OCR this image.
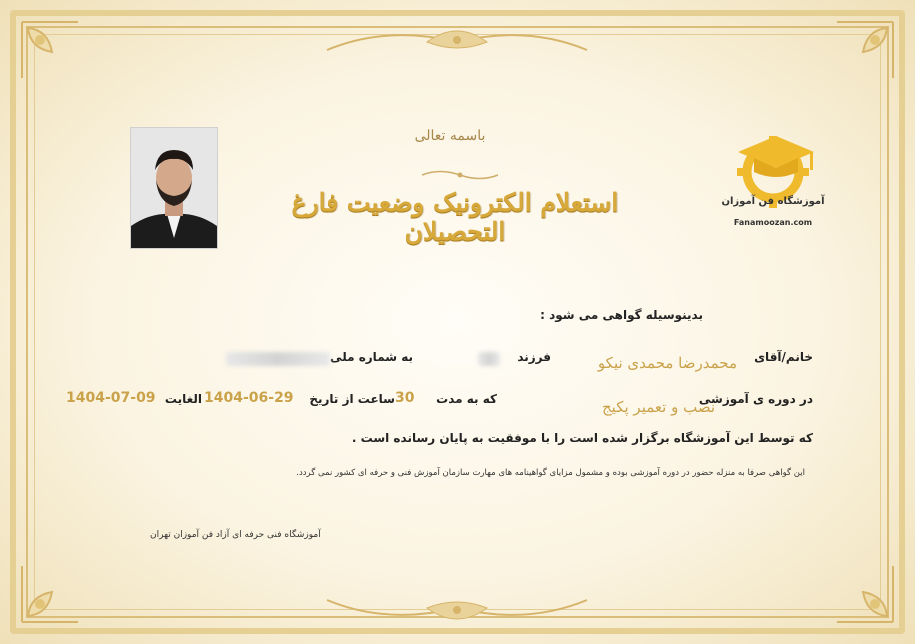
باسمه تعالی
استعلام الکترونیک وضعیت فارغ التحصیلان
آموزشگاه فن آموزان
Fanamoozan.com
بدینوسیله گواهی می شود :
خانم/آقای
محمدرضا محمدی نیکو
فرزند
به شماره ملی
در دوره ی آموزشی
نصب و تعمیر پکیج
که به مدت
30
ساعت از تاریخ
1404-06-29
الغایت
1404-07-09
که توسط این آموزشگاه برگزار شده است را با موفقیت به پایان رسانده است .
این گواهی صرفا به منزله حضور در دوره آموزشی بوده و مشمول مزایای گواهینامه های مهارت سازمان آموزش فنی و حرفه ای کشور نمی گردد.
آموزشگاه فنی حرفه ای آزاد فن آموزان تهران
